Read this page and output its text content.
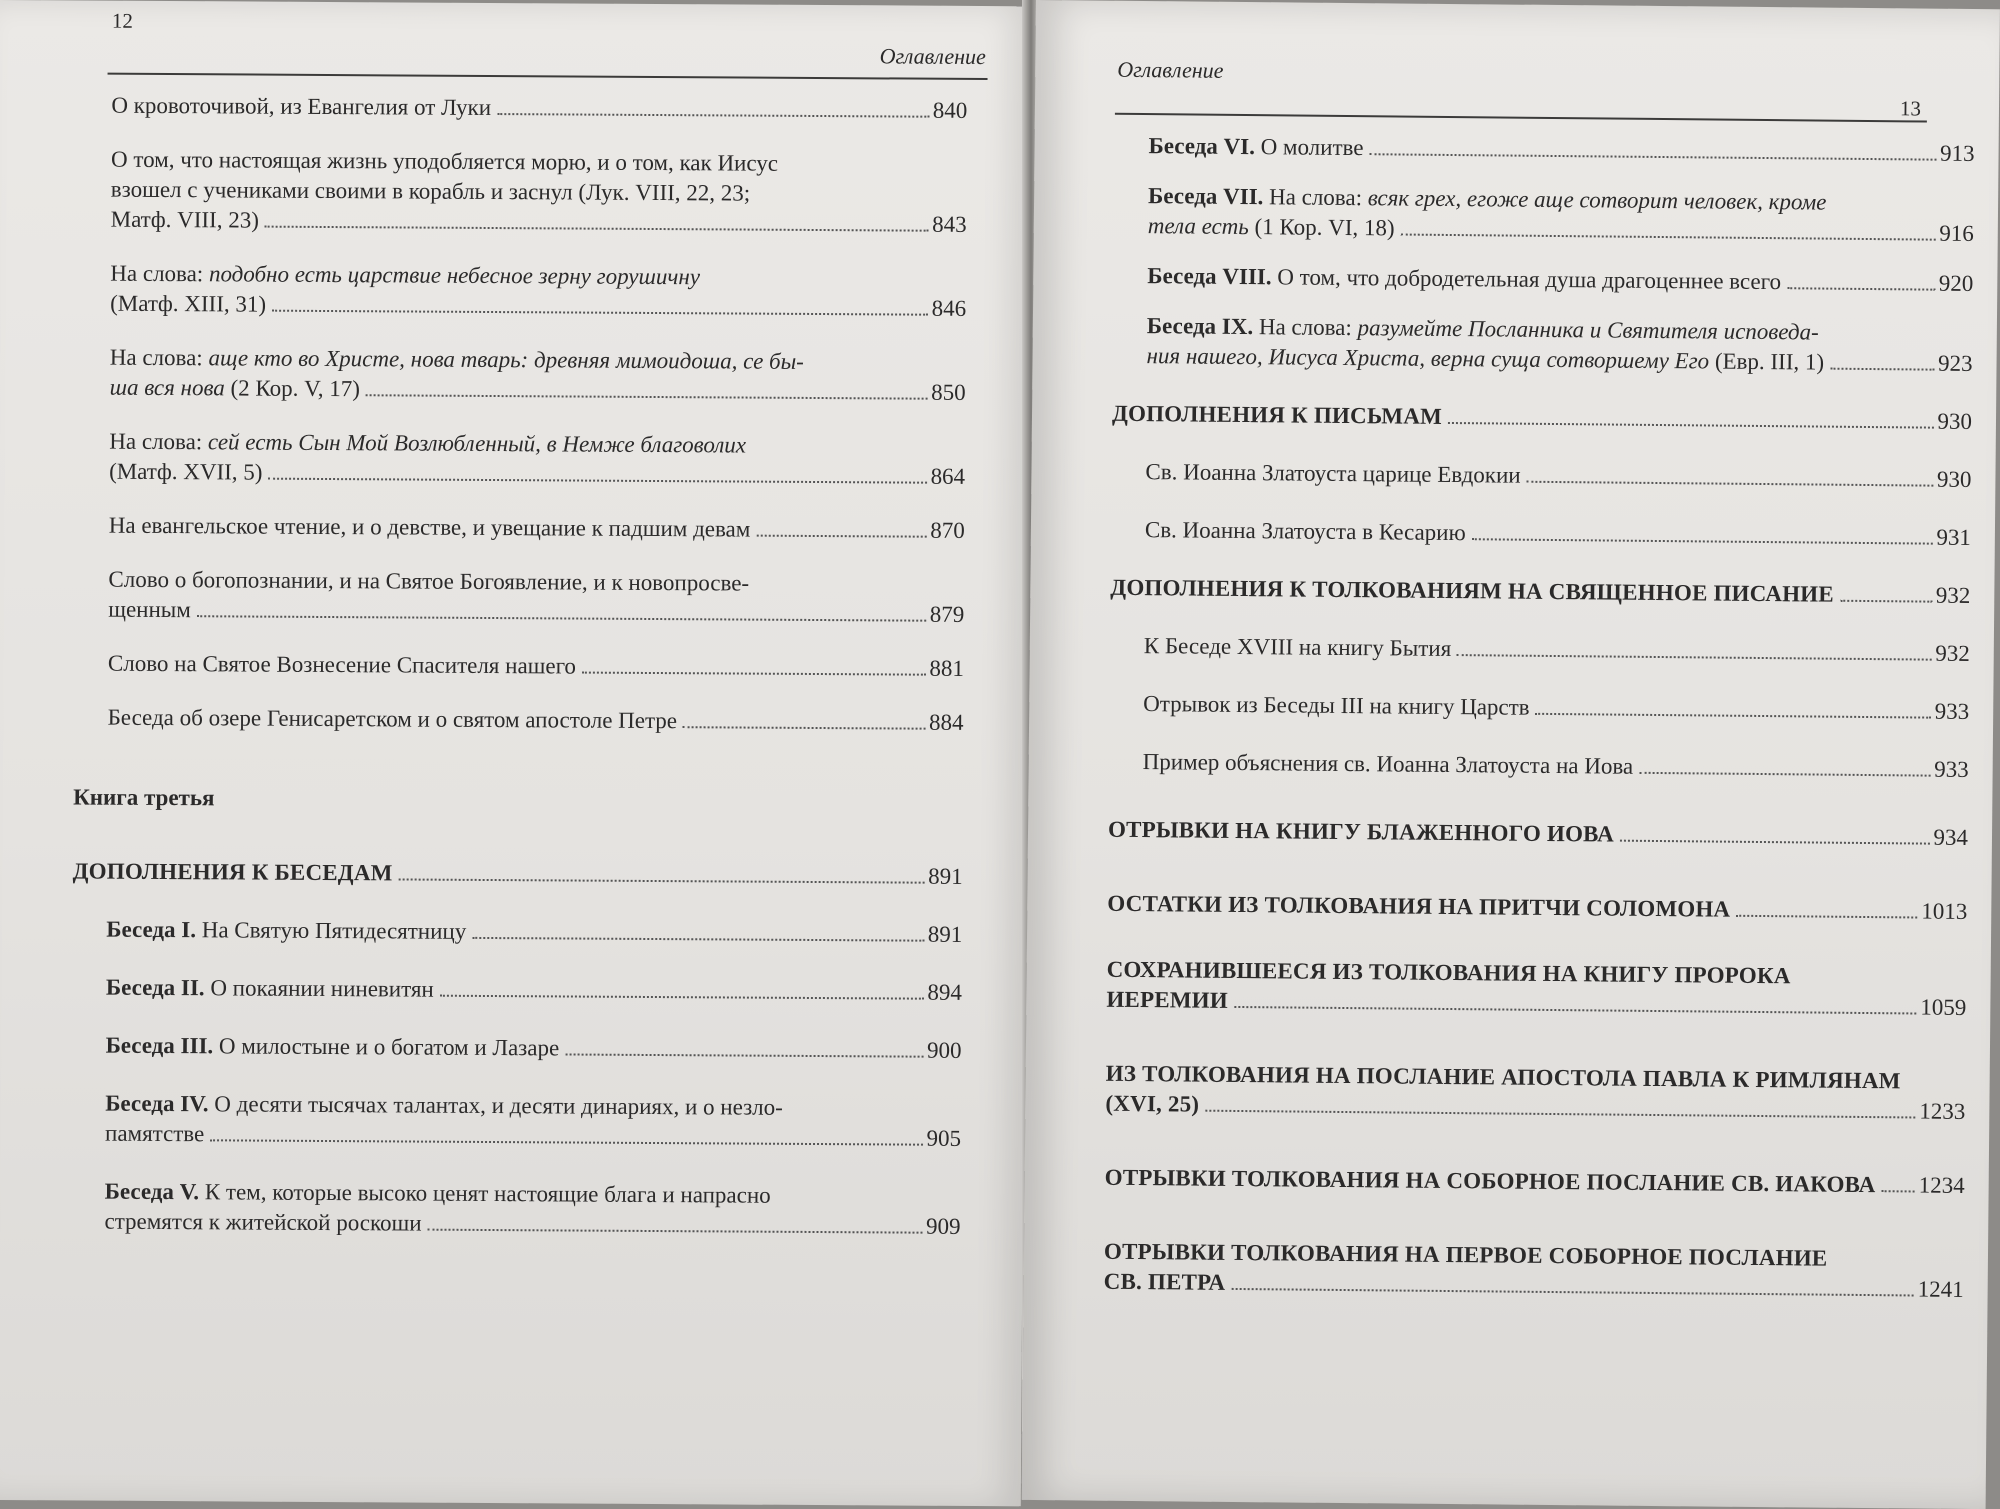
12
Оглавление
О кровоточивой, из Евангелия от Луки	840
О том, что настоящая жизнь уподобляется морю, и о том, как Иисус
взошел с учениками своими в корабль и заснул (Лук. VIII, 22, 23;
Матф. VIII, 23)	843
На слова: подобно есть царствие небесное зерну горушичну
(Матф. XIII, 31)	846
На слова: аще кто во Христе, нова тварь: древняя мимоидоша, се бы-
ша вся нова (2 Кор. V, 17)	850
На слова: сей есть Сын Мой Возлюбленный, в Немже благоволих
(Матф. XVII, 5)	864
На евангельское чтение, и о девстве, и увещание к падшим девам	870
Слово о богопознании, и на Святое Богоявление, и к новопросве-
щенным	879
Слово на Святое Вознесение Спасителя нашего	881
Беседа об озере Генисаретском и о святом апостоле Петре	884
Книга третья
ДОПОЛНЕНИЯ К БЕСЕДАМ	891
Беседа I. На Святую Пятидесятницу	891
Беседа II. О покаянии ниневитян	894
Беседа III. О милостыне и о богатом и Лазаре	900
Беседа IV. О десяти тысячах талантах, и десяти динариях, и о незло-
памятстве	905
Беседа V. К тем, которые высоко ценят настоящие блага и напрасно
стремятся к житейской роскоши	909
Оглавление
13
Беседа VI. О молитве	913
Беседа VII. На слова: всяк грех, егоже аще сотворит человек, кроме
тела есть (1 Кор. VI, 18)	916
Беседа VIII. О том, что добродетельная душа драгоценнее всего	920
Беседа IX. На слова: разумейте Посланника и Святителя исповеда-
ния нашего, Иисуса Христа, верна суща сотворшему Его (Евр. III, 1)	923
ДОПОЛНЕНИЯ К ПИСЬМАМ	930
Св. Иоанна Златоуста царице Евдокии	930
Св. Иоанна Златоуста в Кесарию	931
ДОПОЛНЕНИЯ К ТОЛКОВАНИЯМ НА СВЯЩЕННОЕ ПИСАНИЕ	932
К Беседе XVIII на книгу Бытия	932
Отрывок из Беседы III на книгу Царств	933
Пример объяснения св. Иоанна Златоуста на Иова	933
ОТРЫВКИ НА КНИГУ БЛАЖЕННОГО ИОВА	934
ОСТАТКИ ИЗ ТОЛКОВАНИЯ НА ПРИТЧИ СОЛОМОНА	1013
СОХРАНИВШЕЕСЯ ИЗ ТОЛКОВАНИЯ НА КНИГУ ПРОРОКА
ИЕРЕМИИ	1059
ИЗ ТОЛКОВАНИЯ НА ПОСЛАНИЕ АПОСТОЛА ПАВЛА К РИМЛЯНАМ
(XVI, 25)	1233
ОТРЫВКИ ТОЛКОВАНИЯ НА СОБОРНОЕ ПОСЛАНИЕ СВ. ИАКОВА 1234
ОТРЫВКИ ТОЛКОВАНИЯ НА ПЕРВОЕ СОБОРНОЕ ПОСЛАНИЕ
СВ. ПЕТРА	1241
